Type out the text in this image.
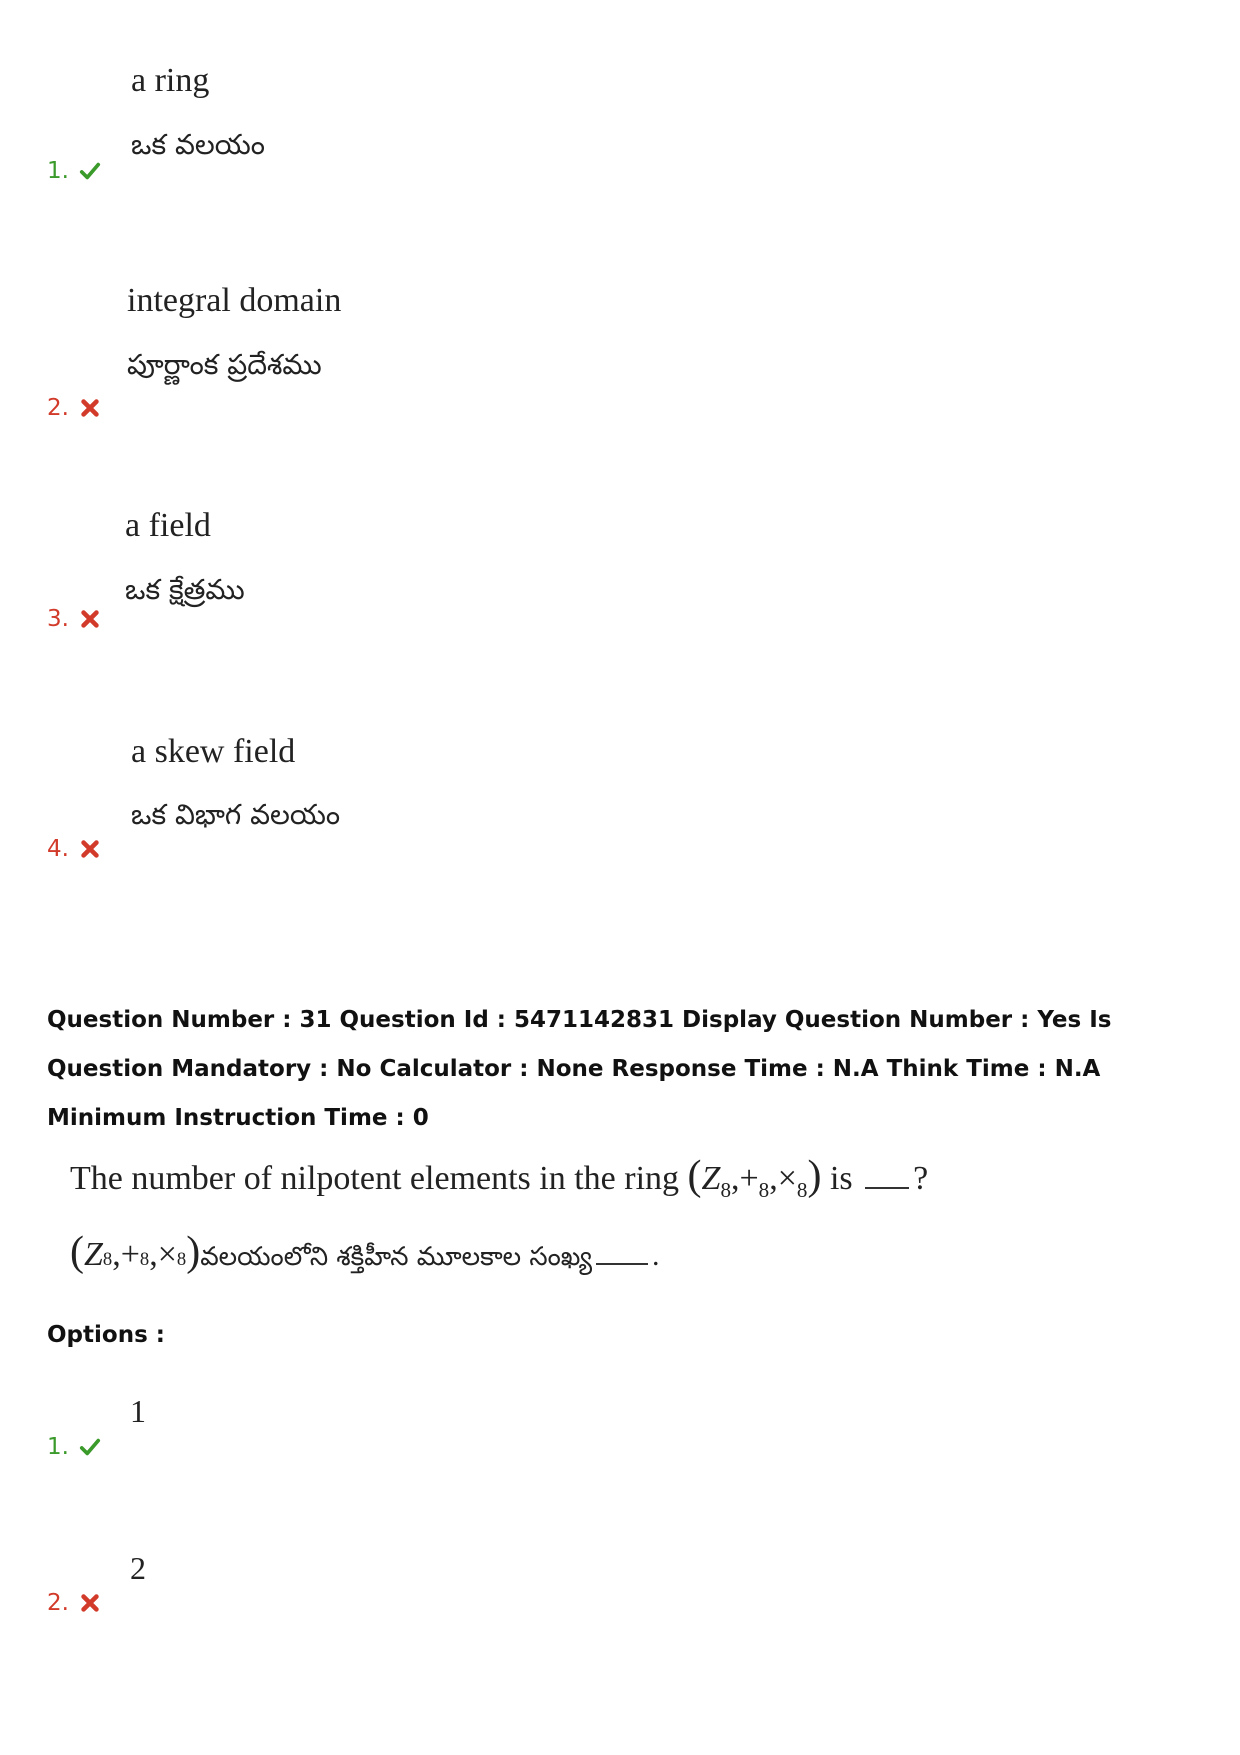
a ring
ఒక వలయం
1.
integral domain
పూర్ణాంక ప్రదేశము
2.
a field
ఒక క్షేత్రము
3.
a skew field
ఒక విభాగ వలయం
4.
Question Number : 31 Question Id : 5471142831 Display Question Number : Yes Is Question Mandatory : No Calculator : None Response Time : N.A Think Time : N.A Minimum Instruction Time : 0
The number of nilpotent elements in the ring $(Z_8,+_8,\times_8)$ is ?
( Z 8 , + 8 , × 8 ) వలయంలోని శక్తిహీన మూలకాల సంఖ్య .
Options :
1
1.
2
2.
